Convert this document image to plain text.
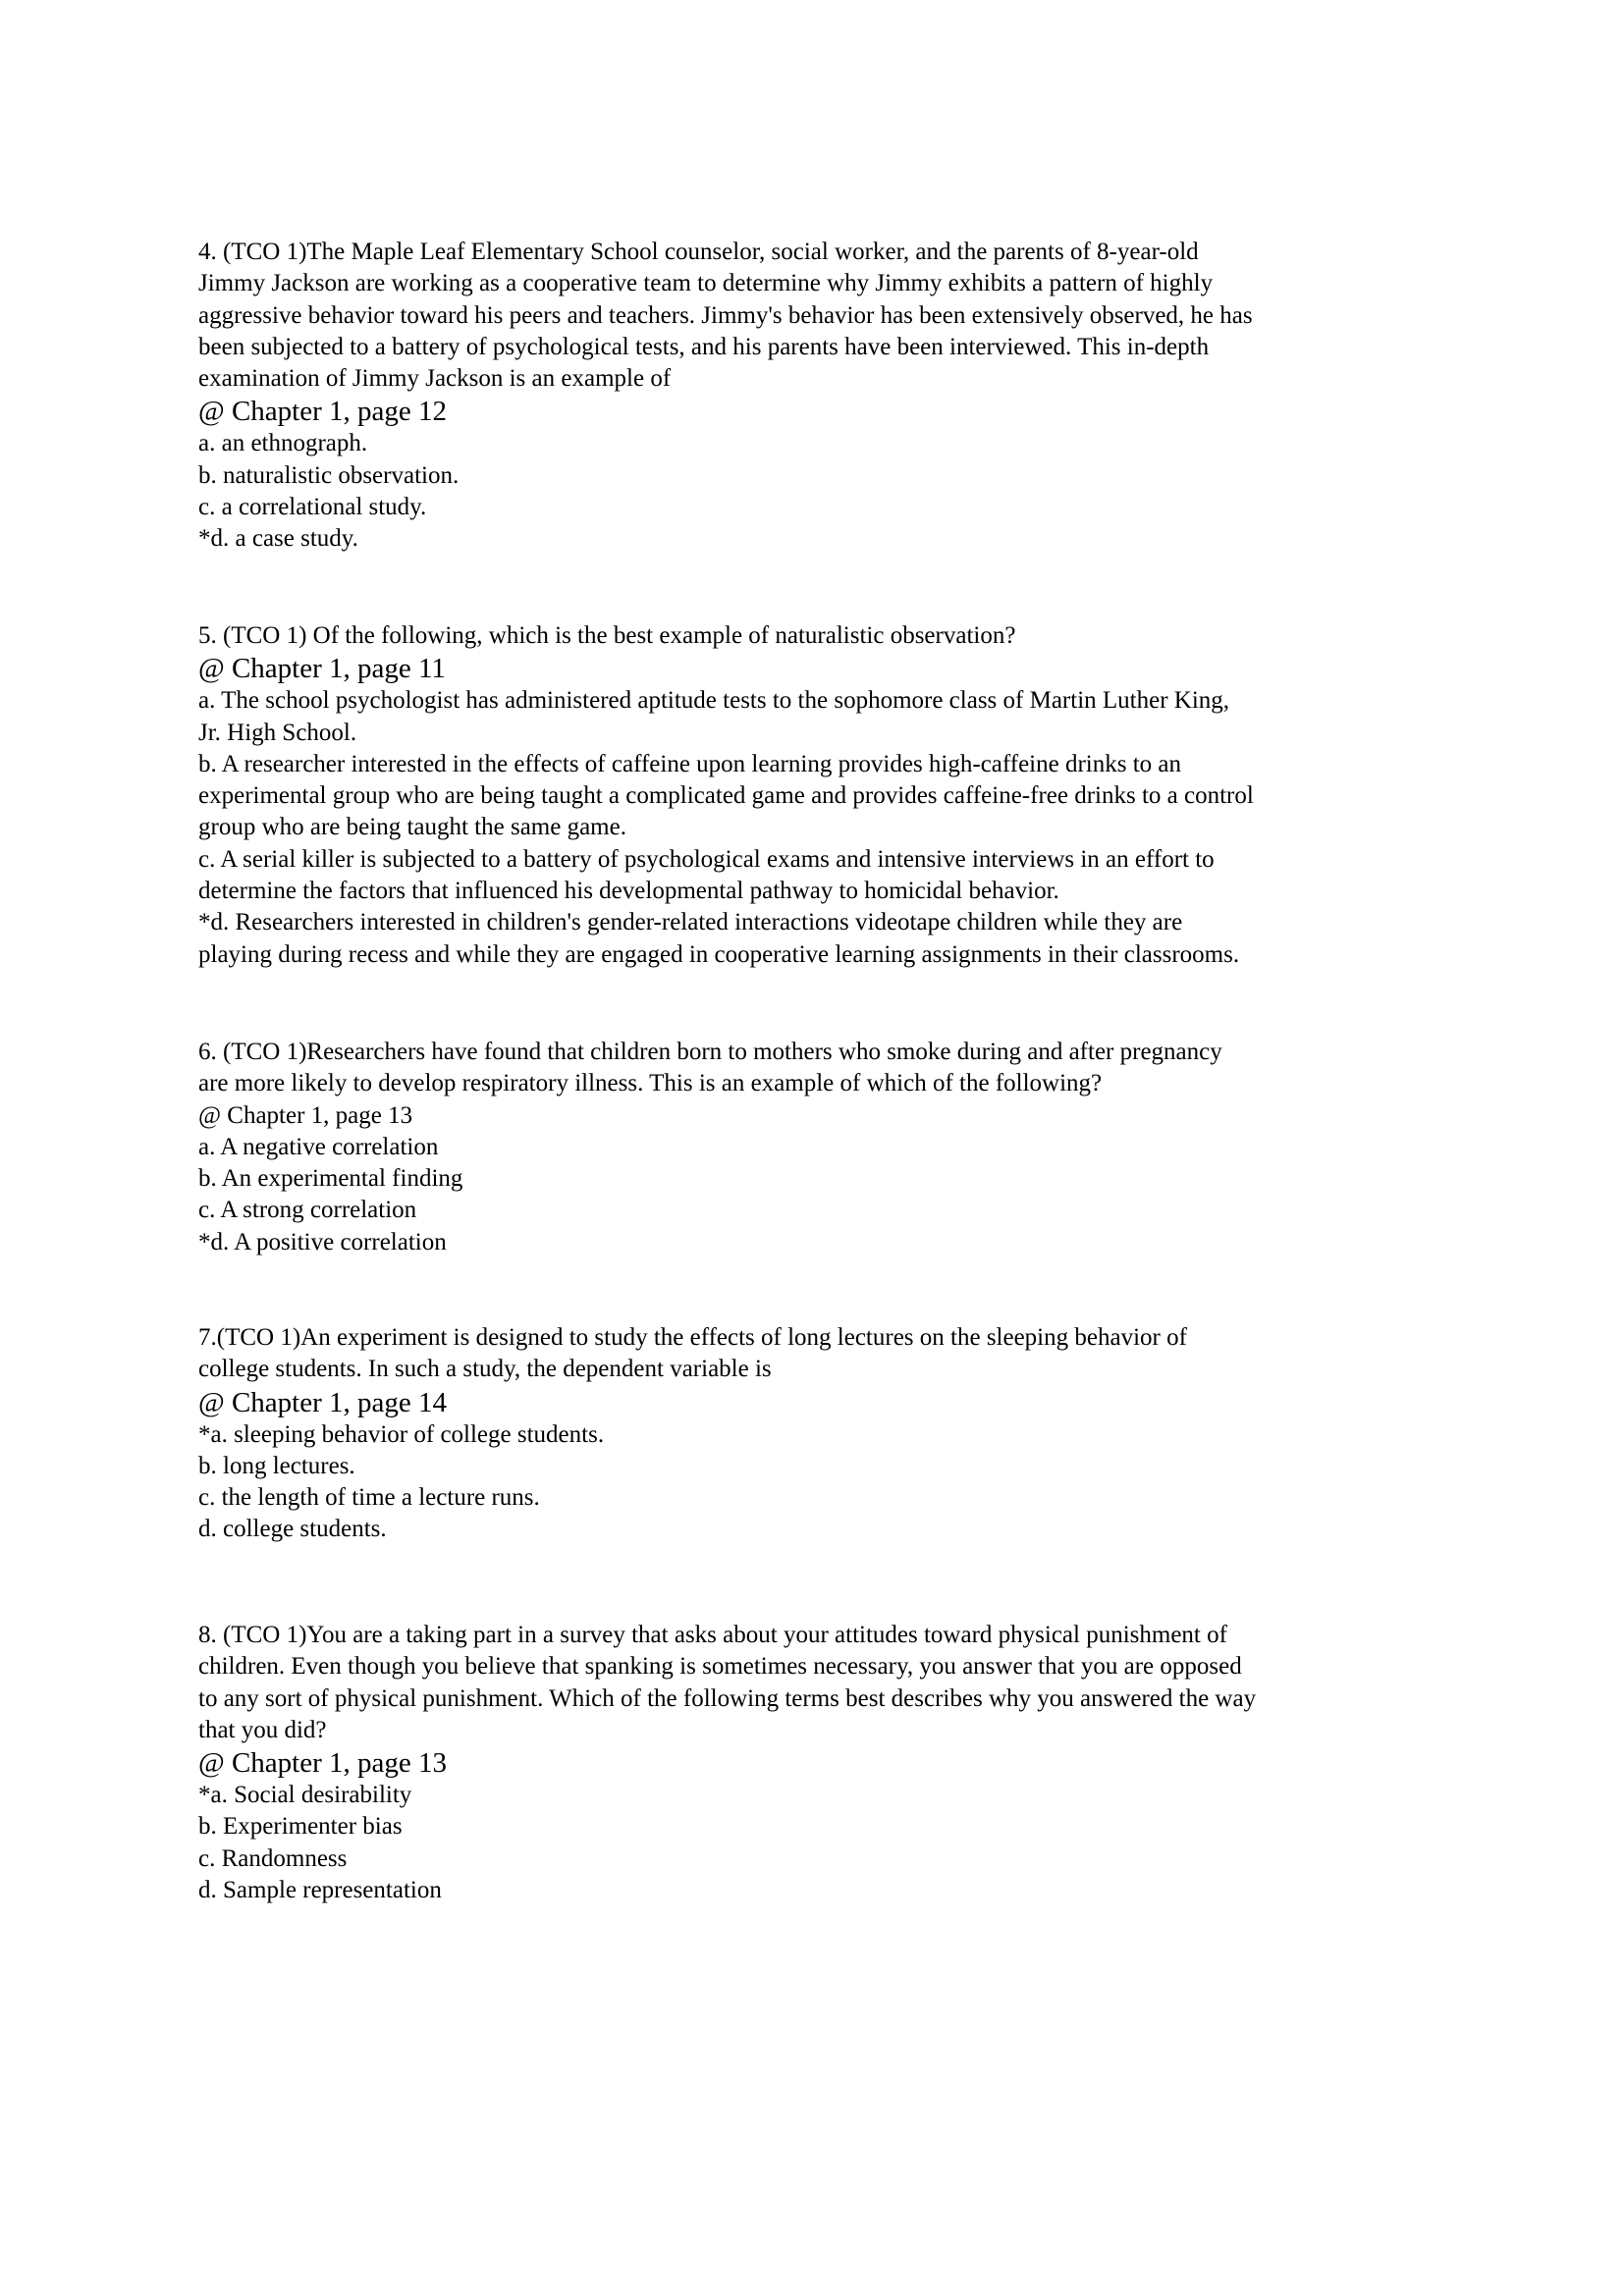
4. (TCO 1)The Maple Leaf Elementary School counselor, social worker, and the parents of 8-year-old
Jimmy Jackson are working as a cooperative team to determine why Jimmy exhibits a pattern of highly
aggressive behavior toward his peers and teachers. Jimmy's behavior has been extensively observed, he has
been subjected to a battery of psychological tests, and his parents have been interviewed. This in-depth
examination of Jimmy Jackson is an example of
@ Chapter 1, page 12
a. an ethnograph.
b. naturalistic observation.
c. a correlational study.
*d. a case study.
5. (TCO 1) Of the following, which is the best example of naturalistic observation?
@ Chapter 1, page 11
a. The school psychologist has administered aptitude tests to the sophomore class of Martin Luther King,
Jr. High School.
b. A researcher interested in the effects of caffeine upon learning provides high-caffeine drinks to an
experimental group who are being taught a complicated game and provides caffeine-free drinks to a control
group who are being taught the same game.
c. A serial killer is subjected to a battery of psychological exams and intensive interviews in an effort to
determine the factors that influenced his developmental pathway to homicidal behavior.
*d. Researchers interested in children's gender-related interactions videotape children while they are
playing during recess and while they are engaged in cooperative learning assignments in their classrooms.
6. (TCO 1)Researchers have found that children born to mothers who smoke during and after pregnancy
are more likely to develop respiratory illness. This is an example of which of the following?
@ Chapter 1, page 13
a. A negative correlation
b. An experimental finding
c. A strong correlation
*d. A positive correlation
7.(TCO 1)An experiment is designed to study the effects of long lectures on the sleeping behavior of
college students. In such a study, the dependent variable is
@ Chapter 1, page 14
*a. sleeping behavior of college students.
b. long lectures.
c. the length of time a lecture runs.
d. college students.
8. (TCO 1)You are a taking part in a survey that asks about your attitudes toward physical punishment of
children. Even though you believe that spanking is sometimes necessary, you answer that you are opposed
to any sort of physical punishment. Which of the following terms best describes why you answered the way
that you did?
@ Chapter 1, page 13
*a. Social desirability
b. Experimenter bias
c. Randomness
d. Sample representation
